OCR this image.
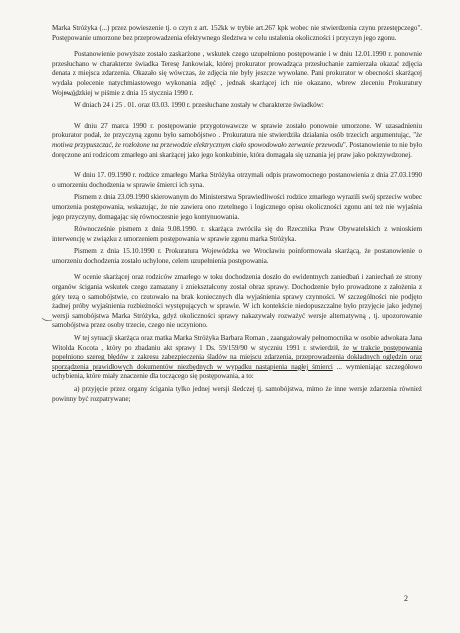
Marka Stróżyka (...) przez powieszenie tj. o czyn z art. 152kk w trybie art.267 kpk wobec nie stwierdzenia czynu przestępczego". Postępowanie umorzone bez przeprowadzenia efektywnego śledztwa w celu ustalenia okoliczności i przyczyn jego zgonu.

Postanowienie powyższe zostało zaskarżone , wskutek czego uzupełniono postępowanie i w dniu 12.01.1990 r. ponownie przesłuchano w charakterze świadka Teresę Jankowiak, której prokurator prowadząca przesłuchanie zamierzała okazać zdjęcia denata z miejsca zdarzenia. Okazało się wówczas, że zdjęcia nie były jeszcze wywołane. Pani prokurator w obecności skarżącej wydała polecenie natychmiastowego wykonania zdjęć , jednak skarżącej ich nie okazano, wbrew zleceniu Prokuratury Wojewódzkiej w piśmie z dnia 15 stycznia 1990 r.

W dniach 24 i 25 . 01. oraz 03.03. 1990 r. przesłuchane zostały w charakterze świadków:

W dniu 27 marca 1990 r. postępowanie przygotowawcze w sprawie zostało ponownie umorzone. W uzasadnieniu prokurator podał, że przyczyną zgonu było samobójstwo . Prokuratura nie stwierdziła działania osób trzecich argumentując, "że motiwa przypuszczać, że rozłożone na przewodzie elektrycznym ciało spowodowało zerwanie przewodu". Postanowienie to nie było doręczone ani rodzicom zmarłego ani skarżącej jako jego konkubinie, która domagała się uznania jej praw jako pokrzywdzonej.

W dniu 17. 09.1990 r. rodzice zmarłego Marka Stróżyka otrzymali odpis prawomocnego postanowienia z dnia 27.03.1990 o umorzeniu dochodzenia w sprawie śmierci ich syna.

Pismem z dnia 23.09.1990 skierowanym do Ministerstwa Sprawiedliwości rodzice zmarłego wyrazili swój sprzeciw wobec umorzenia postępowania, wskazując, że nie zawiera ono rzetelnego i logicznego opisu okoliczności zgonu ani też nie wyjaśnia jego przyczyny, domagając się równoczesnie jego kontynuowania.

Równocześnie pismem z dnia 9.08.1990. r. skarżąca zwróciła się do Rzecznika Praw Obywatelskich z wnioskiem interwencję w związku z umorzeniem postępowania w sprawie zgonu marka Stróżyka.

Pismem z dnia 15.10.1990 r. Prokuratura Wojewódzka we Wrocławiu poinformowała skarżącą, że postanowienie o umorzeniu dochodzenia zostało uchylone, celem uzupełnienia postępowania.

W ocenie skarżącej oraz rodziców zmarłego w toku dochodzenia doszło do ewidentnych zaniedbań i zaniechań ze strony organów ścigania wskutek czego zamazany i zniekształcony został obraz sprawy. Dochodzenie było prowadzone z założenia z góry tezą o samobójstwie, co rzutowało na brak koniecznych dla wyjaśnienia sprawy czynności. W szczególności nie podjęto żadnej próby wyjaśnienia rozbieżności występujących w sprawie. W ich kontekście niedopuszczalne było przyjęcie jako jedynej wersji samobójstwa Marka Stróżyka, gdyż okoliczności sprawy nakazywały rozważyć wersje alternatywną , tj. upozorowanie samobójstwa przez osoby trzecie, czego nie uczyniono.

W tej sytuacji skarżąca oraz matka Marka Stróżyka Barbara Roman , zaangażowały pełnomocnika w osobie adwokata Jana Witolda Kocota , który po zbadaniu akt sprawy 1 Ds. 59/159/90 w styczniu 1991 r. stwierdził, że w trakcie postępowania popełniono szereg błędów z zakresu zabezpieczenia śladów na miejscu zdarzenia, przeprowadzenia dokładnych oględzin oraz sporządzenia prawidłowych dokumentów niezbędnych w wypadku nastąpienia nagłej śmierci ... wymieniając szczegółowo uchybienia, które miały znaczenie dla toczącego się postępowania, a to:

a) przyjęcie przez organy ścigania tylko jednej wersji śledczej tj. samobójstwa, mimo że inne wersje zdarzenia również powinny być rozpatrywane;

2
